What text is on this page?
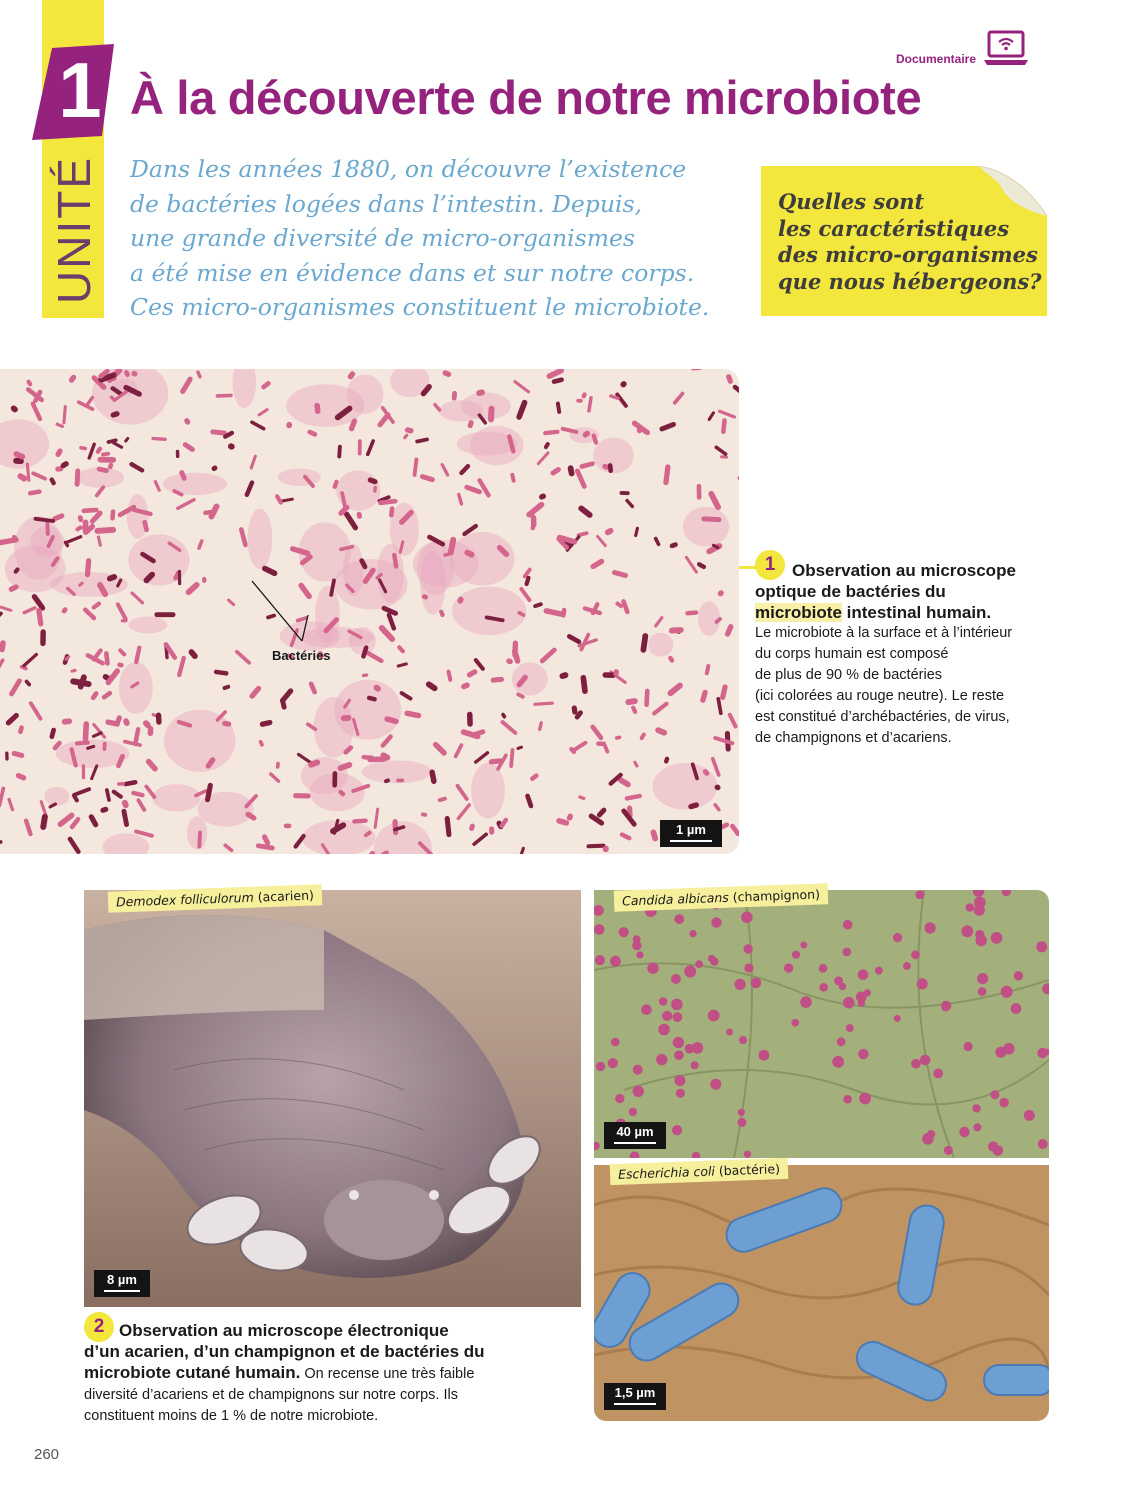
1
UNITÉ
À la découverte de notre microbiote
Documentaire

Dans les années 1880, on découvre l’existence

de bactéries logées dans l’intestin. Depuis,

une grande diversité de micro-organismes

a été mise en évidence dans et sur notre corps.

Ces micro-organismes constituent le microbiote.

Quelles sont
les caractéristiques
des micro-organismes
que nous hébergeons?
Bactéries
1 µm
1 Observation au microscope
optique de bactéries du
microbiote intestinal humain.
Le microbiote à la surface et à l’intérieur
du corps humain est composé
de plus de 90 % de bactéries
(ici colorées au rouge neutre). Le reste
est constitué d’archébactéries, de virus,
de champignons et d’acariens.
Demodex folliculorum (acarien)
8 µm
Candida albicans (champignon)
40 µm
Escherichia coli (bactérie)
1,5 µm
2 Observation au microscope électronique
d’un acarien, d’un champignon et de bactéries du
microbiote cutané humain. On recense une très faible
diversité d’acariens et de champignons sur notre corps. Ils
constituent moins de 1 % de notre microbiote.
260
